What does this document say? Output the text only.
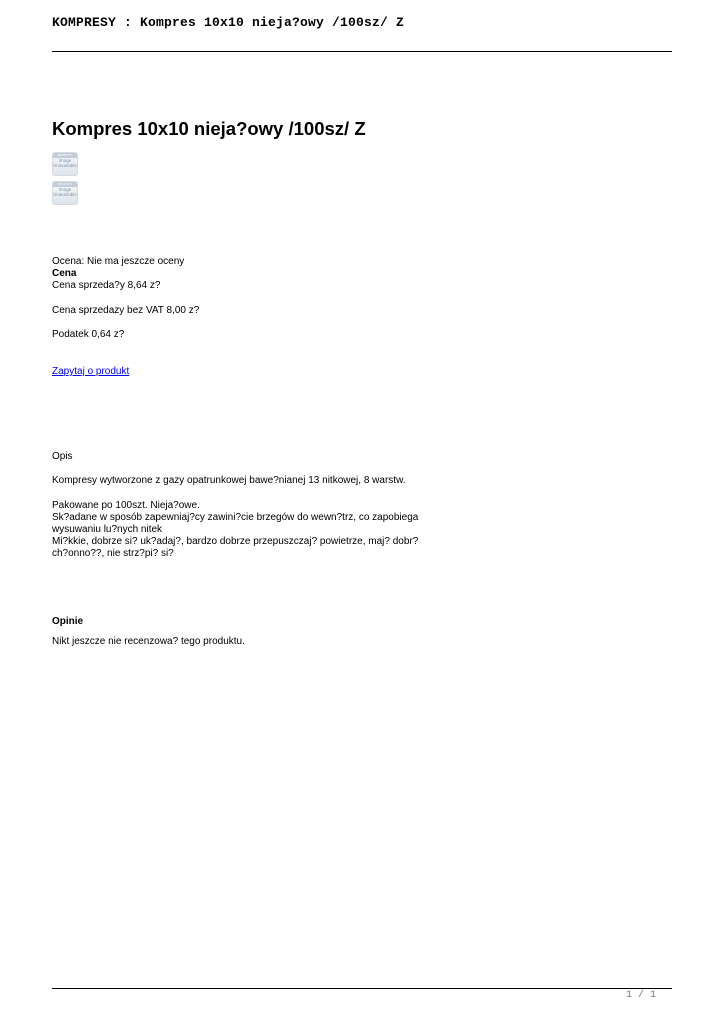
KOMPRESY : Kompres 10x10 nieja?owy /100sz/ Z
Kompres 10x10 nieja?owy /100sz/ Z
PRODUCT
Image
Unavailable
PRODUCT
Image
Unavailable
Ocena: Nie ma jeszcze oceny
Cena
Cena sprzeda?y 8,64 z?
Cena sprzedazy bez VAT 8,00 z?
Podatek 0,64 z?
Zapytaj o produkt
Opis
Kompresy wytworzone z gazy opatrunkowej bawe?nianej 13 nitkowej, 8 warstw.
Pakowane po 100szt. Nieja?owe.
Sk?adane w sposób zapewniaj?cy zawini?cie brzegów do wewn?trz, co zapobiega
wysuwaniu lu?nych nitek
Mi?kkie, dobrze si? uk?adaj?, bardzo dobrze przepuszczaj? powietrze, maj? dobr?
ch?onno??, nie strz?pi? si?
Opinie
Nikt jeszcze nie recenzowa? tego produktu.
1 / 1
